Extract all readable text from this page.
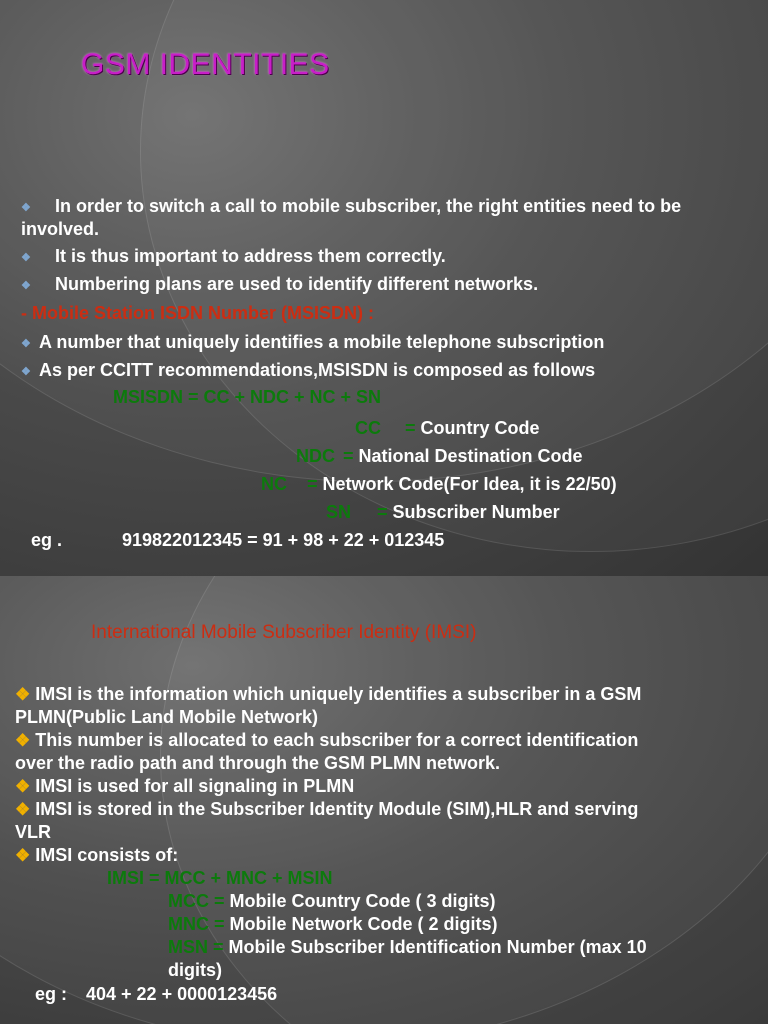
GSM IDENTITIES
❖ In order to switch a call to mobile subscriber, the right entities need to be
involved.
❖ It is thus important to address them correctly.
❖ Numbering plans are used to identify different networks.
- Mobile Station ISDN Number (MSISDN) :
❖ A number that uniquely identifies a mobile telephone subscription
❖ As per CCITT recommendations,MSISDN is composed as follows
MSISDN = CC + NDC + NC + SN
CC = Country Code
NDC = National Destination Code
NC = Network Code(For Idea, it is 22/50)
SN = Subscriber Number
eg .	919822012345 = 91 + 98 + 22 + 012345
International Mobile Subscriber Identity (IMSI)
❖ IMSI is the information which uniquely identifies a subscriber in a GSM
PLMN(Public Land Mobile Network)
❖ This number is allocated to each subscriber for a correct identification
over the radio path and through the GSM PLMN network.
❖ IMSI is used for all signaling in PLMN
❖ IMSI is stored in the Subscriber Identity Module (SIM),HLR and serving
VLR
❖ IMSI consists of:
IMSI = MCC + MNC + MSIN
MCC = Mobile Country Code ( 3 digits)
MNC = Mobile Network Code ( 2 digits)
MSN = Mobile Subscriber Identification Number (max 10
digits)
eg : 404 + 22 + 0000123456
